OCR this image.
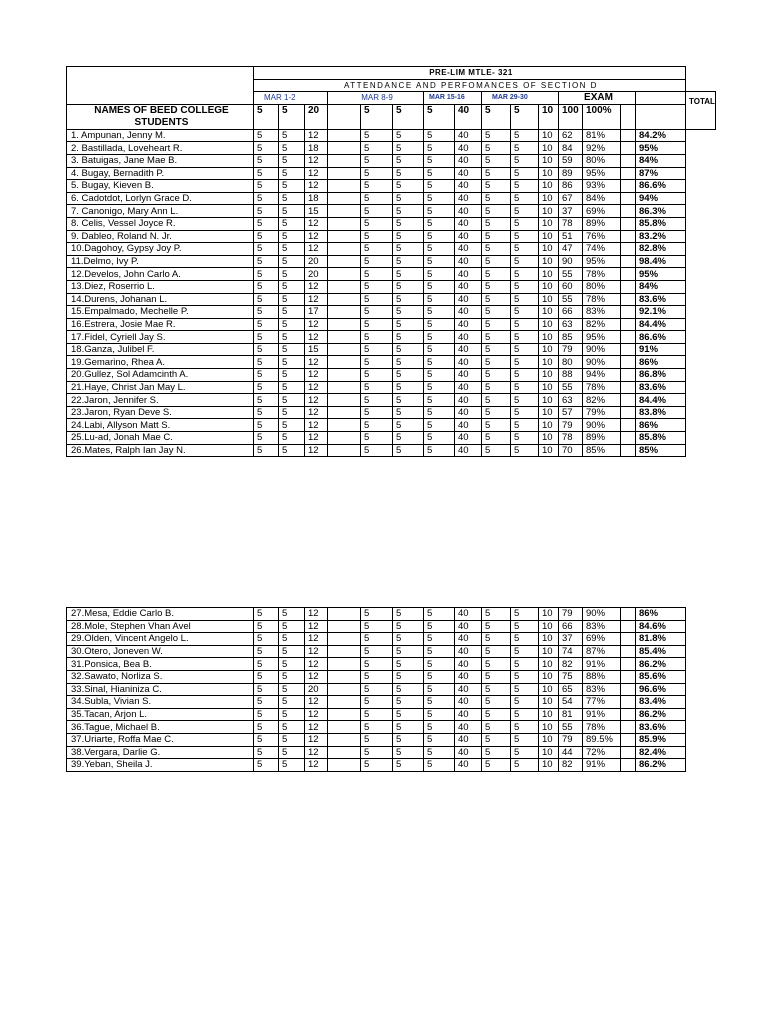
	PRE-LIM MTLE- 321															
	ATTENDANCE AND PERFOMANCES OF SECTION D															
	MAR 1-2			MAR 8-9			MAR 15-16		MAR 29-30			EXAM				TOTAL
NAMES OF BEED COLLEGE STUDENTS	5	5	20		5	5	5	40	5	5	10	100	100%			
1. Ampunan, Jenny M.	5	5	12		5	5	5	40	5	5	10	62	81%		84.2%	
2. Bastillada, Loveheart R.	5	5	18		5	5	5	40	5	5	10	84	92%		95%	
3. Batuigas, Jane Mae B.	5	5	12		5	5	5	40	5	5	10	59	80%		84%	
4. Bugay, Bernadith P.	5	5	12		5	5	5	40	5	5	10	89	95%		87%	
5. Bugay, Kieven B.	5	5	12		5	5	5	40	5	5	10	86	93%		86.6%	
6. Cadotdot, Lorlyn Grace D.	5	5	18		5	5	5	40	5	5	10	67	84%		94%	
7. Canonigo, Mary Ann L.	5	5	15		5	5	5	40	5	5	10	37	69%		86.3%	
8. Celis, Vessel Joyce R.	5	5	12		5	5	5	40	5	5	10	78	89%		85.8%	
9. Dableo, Roland N. Jr.	5	5	12		5	5	5	40	5	5	10	51	76%		83.2%	
10.Dagohoy, Gypsy Joy P.	5	5	12		5	5	5	40	5	5	10	47	74%		82.8%	
11.Delmo, Ivy P.	5	5	20		5	5	5	40	5	5	10	90	95%		98.4%	
12.Develos, John Carlo A.	5	5	20		5	5	5	40	5	5	10	55	78%		95%	
13.Diez, Roserrio L.	5	5	12		5	5	5	40	5	5	10	60	80%		84%	
14.Durens, Johanan L.	5	5	12		5	5	5	40	5	5	10	55	78%		83.6%	
15.Empalmado, Mechelle P.	5	5	17		5	5	5	40	5	5	10	66	83%		92.1%	
16.Estrera, Josie Mae R.	5	5	12		5	5	5	40	5	5	10	63	82%		84.4%	
17.Fidel, Cyriell Jay S.	5	5	12		5	5	5	40	5	5	10	85	95%		86.6%	
18.Ganza, Julibel F.	5	5	15		5	5	5	40	5	5	10	79	90%		91%	
19.Gemarino, Rhea A.	5	5	12		5	5	5	40	5	5	10	80	90%		86%	
20.Gullez, Sol Adamcinth A.	5	5	12		5	5	5	40	5	5	10	88	94%		86.8%	
21.Haye, Christ Jan May L.	5	5	12		5	5	5	40	5	5	10	55	78%		83.6%	
22.Jaron, Jennifer S.	5	5	12		5	5	5	40	5	5	10	63	82%		84.4%	
23.Jaron, Ryan Deve S.	5	5	12		5	5	5	40	5	5	10	57	79%		83.8%	
24.Labi, Allyson Matt S.	5	5	12		5	5	5	40	5	5	10	79	90%		86%	
25.Lu-ad, Jonah Mae C.	5	5	12		5	5	5	40	5	5	10	78	89%		85.8%	
26.Mates, Ralph Ian Jay N.	5	5	12		5	5	5	40	5	5	10	70	85%		85%	
27.Mesa, Eddie Carlo B.	5	5	12		5	5	5	40	5	5	10	79	90%		86%
28.Mole, Stephen Vhan Avel	5	5	12		5	5	5	40	5	5	10	66	83%		84.6%
29.Olden, Vincent Angelo L.	5	5	12		5	5	5	40	5	5	10	37	69%		81.8%
30.Otero, Joneven W.	5	5	12		5	5	5	40	5	5	10	74	87%		85.4%
31.Ponsica, Bea B.	5	5	12		5	5	5	40	5	5	10	82	91%		86.2%
32.Sawato, Norliza S.	5	5	12		5	5	5	40	5	5	10	75	88%		85.6%
33.Sinal, Hianiniza C.	5	5	20		5	5	5	40	5	5	10	65	83%		96.6%
34.Subla, Vivian S.	5	5	12		5	5	5	40	5	5	10	54	77%		83.4%
35.Tacan, Arjon L.	5	5	12		5	5	5	40	5	5	10	81	91%		86.2%
36.Tague, Michael B.	5	5	12		5	5	5	40	5	5	10	55	78%		83.6%
37.Uriarte, Roffa Mae C.	5	5	12		5	5	5	40	5	5	10	79	89.5%		85.9%
38.Vergara, Darlie G.	5	5	12		5	5	5	40	5	5	10	44	72%		82.4%
39.Yeban, Sheila J.	5	5	12		5	5	5	40	5	5	10	82	91%		86.2%
